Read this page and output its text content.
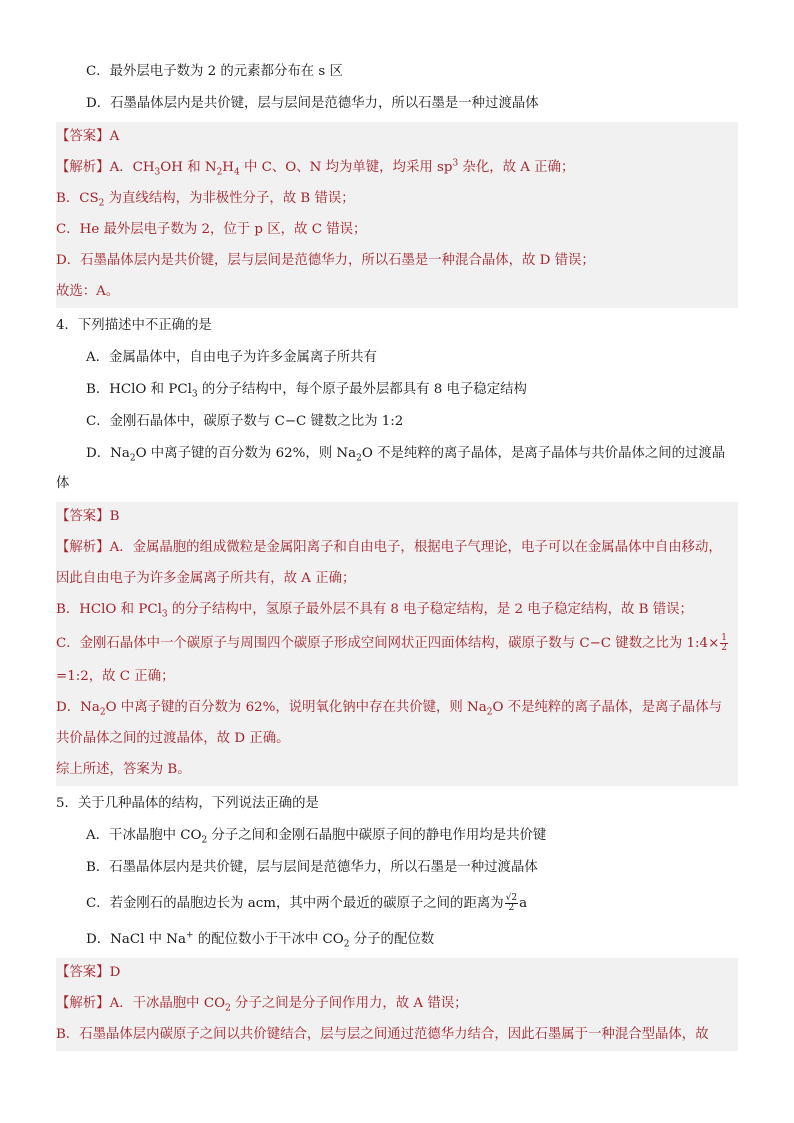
C．最外层电子数为 2 的元素都分布在 s 区
D．石墨晶体层内是共价键，层与层间是范德华力，所以石墨是一种过渡晶体
【答案】A
【解析】A．$CH_3OH$ 和 $N_2H_4$ 中 C、O、N 均为单键，均采用 $sp^3$ 杂化，故 A 正确；
B．$CS_2$ 为直线结构，为非极性分子，故 B 错误；
C．He 最外层电子数为 2，位于 p 区，故 C 错误；
D．石墨晶体层内是共价键，层与层间是范德华力，所以石墨是一种混合晶体，故 D 错误；
故选：A。
4．下列描述中不正确的是
A．金属晶体中，自由电子为许多金属离子所共有
B．HClO 和 PCl$_3$ 的分子结构中，每个原子最外层都具有 8 电子稳定结构
C．金刚石晶体中，碳原子数与 C−C 键数之比为 1:2
D．$Na_2O$ 中离子键的百分数为 62%，则 $Na_2O$ 不是纯粹的离子晶体，是离子晶体与共价晶体之间的过渡晶
体
【答案】B
【解析】A．金属晶胞的组成微粒是金属阳离子和自由电子，根据电子气理论，电子可以在金属晶体中自由移动，
因此自由电子为许多金属离子所共有，故 A 正确；
B．HClO 和 PCl$_3$ 的分子结构中，氢原子最外层不具有 8 电子稳定结构，是 2 电子稳定结构，故 B 错误；
C．金刚石晶体中一个碳原子与周围四个碳原子形成空间网状正四面体结构，碳原子数与 C−C 键数之比为 1:4× $\frac{1}{2}$
=1:2，故 C 正确；
D．$Na_2O$ 中离子键的百分数为 62%，说明氧化钠中存在共价键，则 $Na_2O$ 不是纯粹的离子晶体，是离子晶体与
共价晶体之间的过渡晶体，故 D 正确。
综上所述，答案为 B。
5．关于几种晶体的结构，下列说法正确的是
A．干冰晶胞中 $CO_2$ 分子之间和金刚石晶胞中碳原子间的静电作用均是共价键
B．石墨晶体层内是共价键，层与层间是范德华力，所以石墨是一种过渡晶体
C．若金刚石的晶胞边长为 acm，其中两个最近的碳原子之间的距离为 $\frac{√2}{2}$ a
D．NaCl 中 Na+ 的配位数小于干冰中 $CO_2$ 分子的配位数
【答案】D
【解析】A．干冰晶胞中 $CO_2$ 分子之间是分子间作用力，故 A 错误；
B．石墨晶体层内碳原子之间以共价键结合，层与层之间通过范德华力结合，因此石墨属于一种混合型晶体，故
